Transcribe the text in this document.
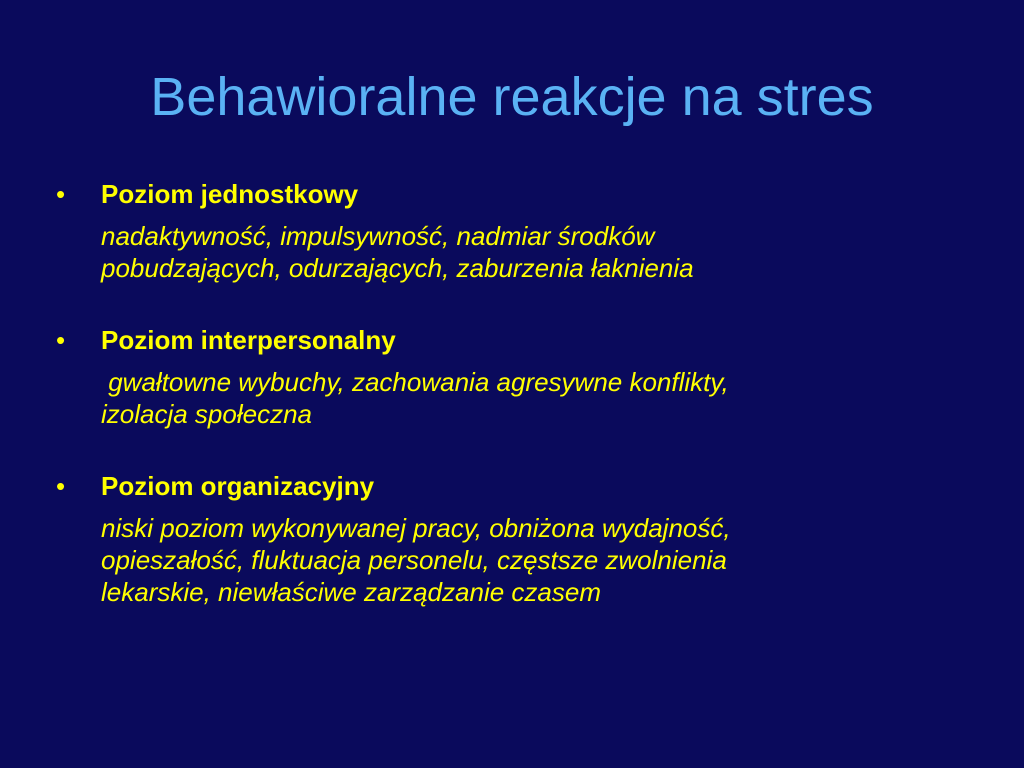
Behawioralne reakcje na stres
•	Poziom jednostkowy
nadaktywność, impulsywność, nadmiar środków
pobudzających, odurzających, zaburzenia łaknienia
•	Poziom interpersonalny
gwałtowne wybuchy, zachowania agresywne konflikty,
izolacja społeczna
•	Poziom organizacyjny
niski poziom wykonywanej pracy, obniżona wydajność,
opieszałość, fluktuacja personelu, częstsze zwolnienia
lekarskie, niewłaściwe zarządzanie czasem
